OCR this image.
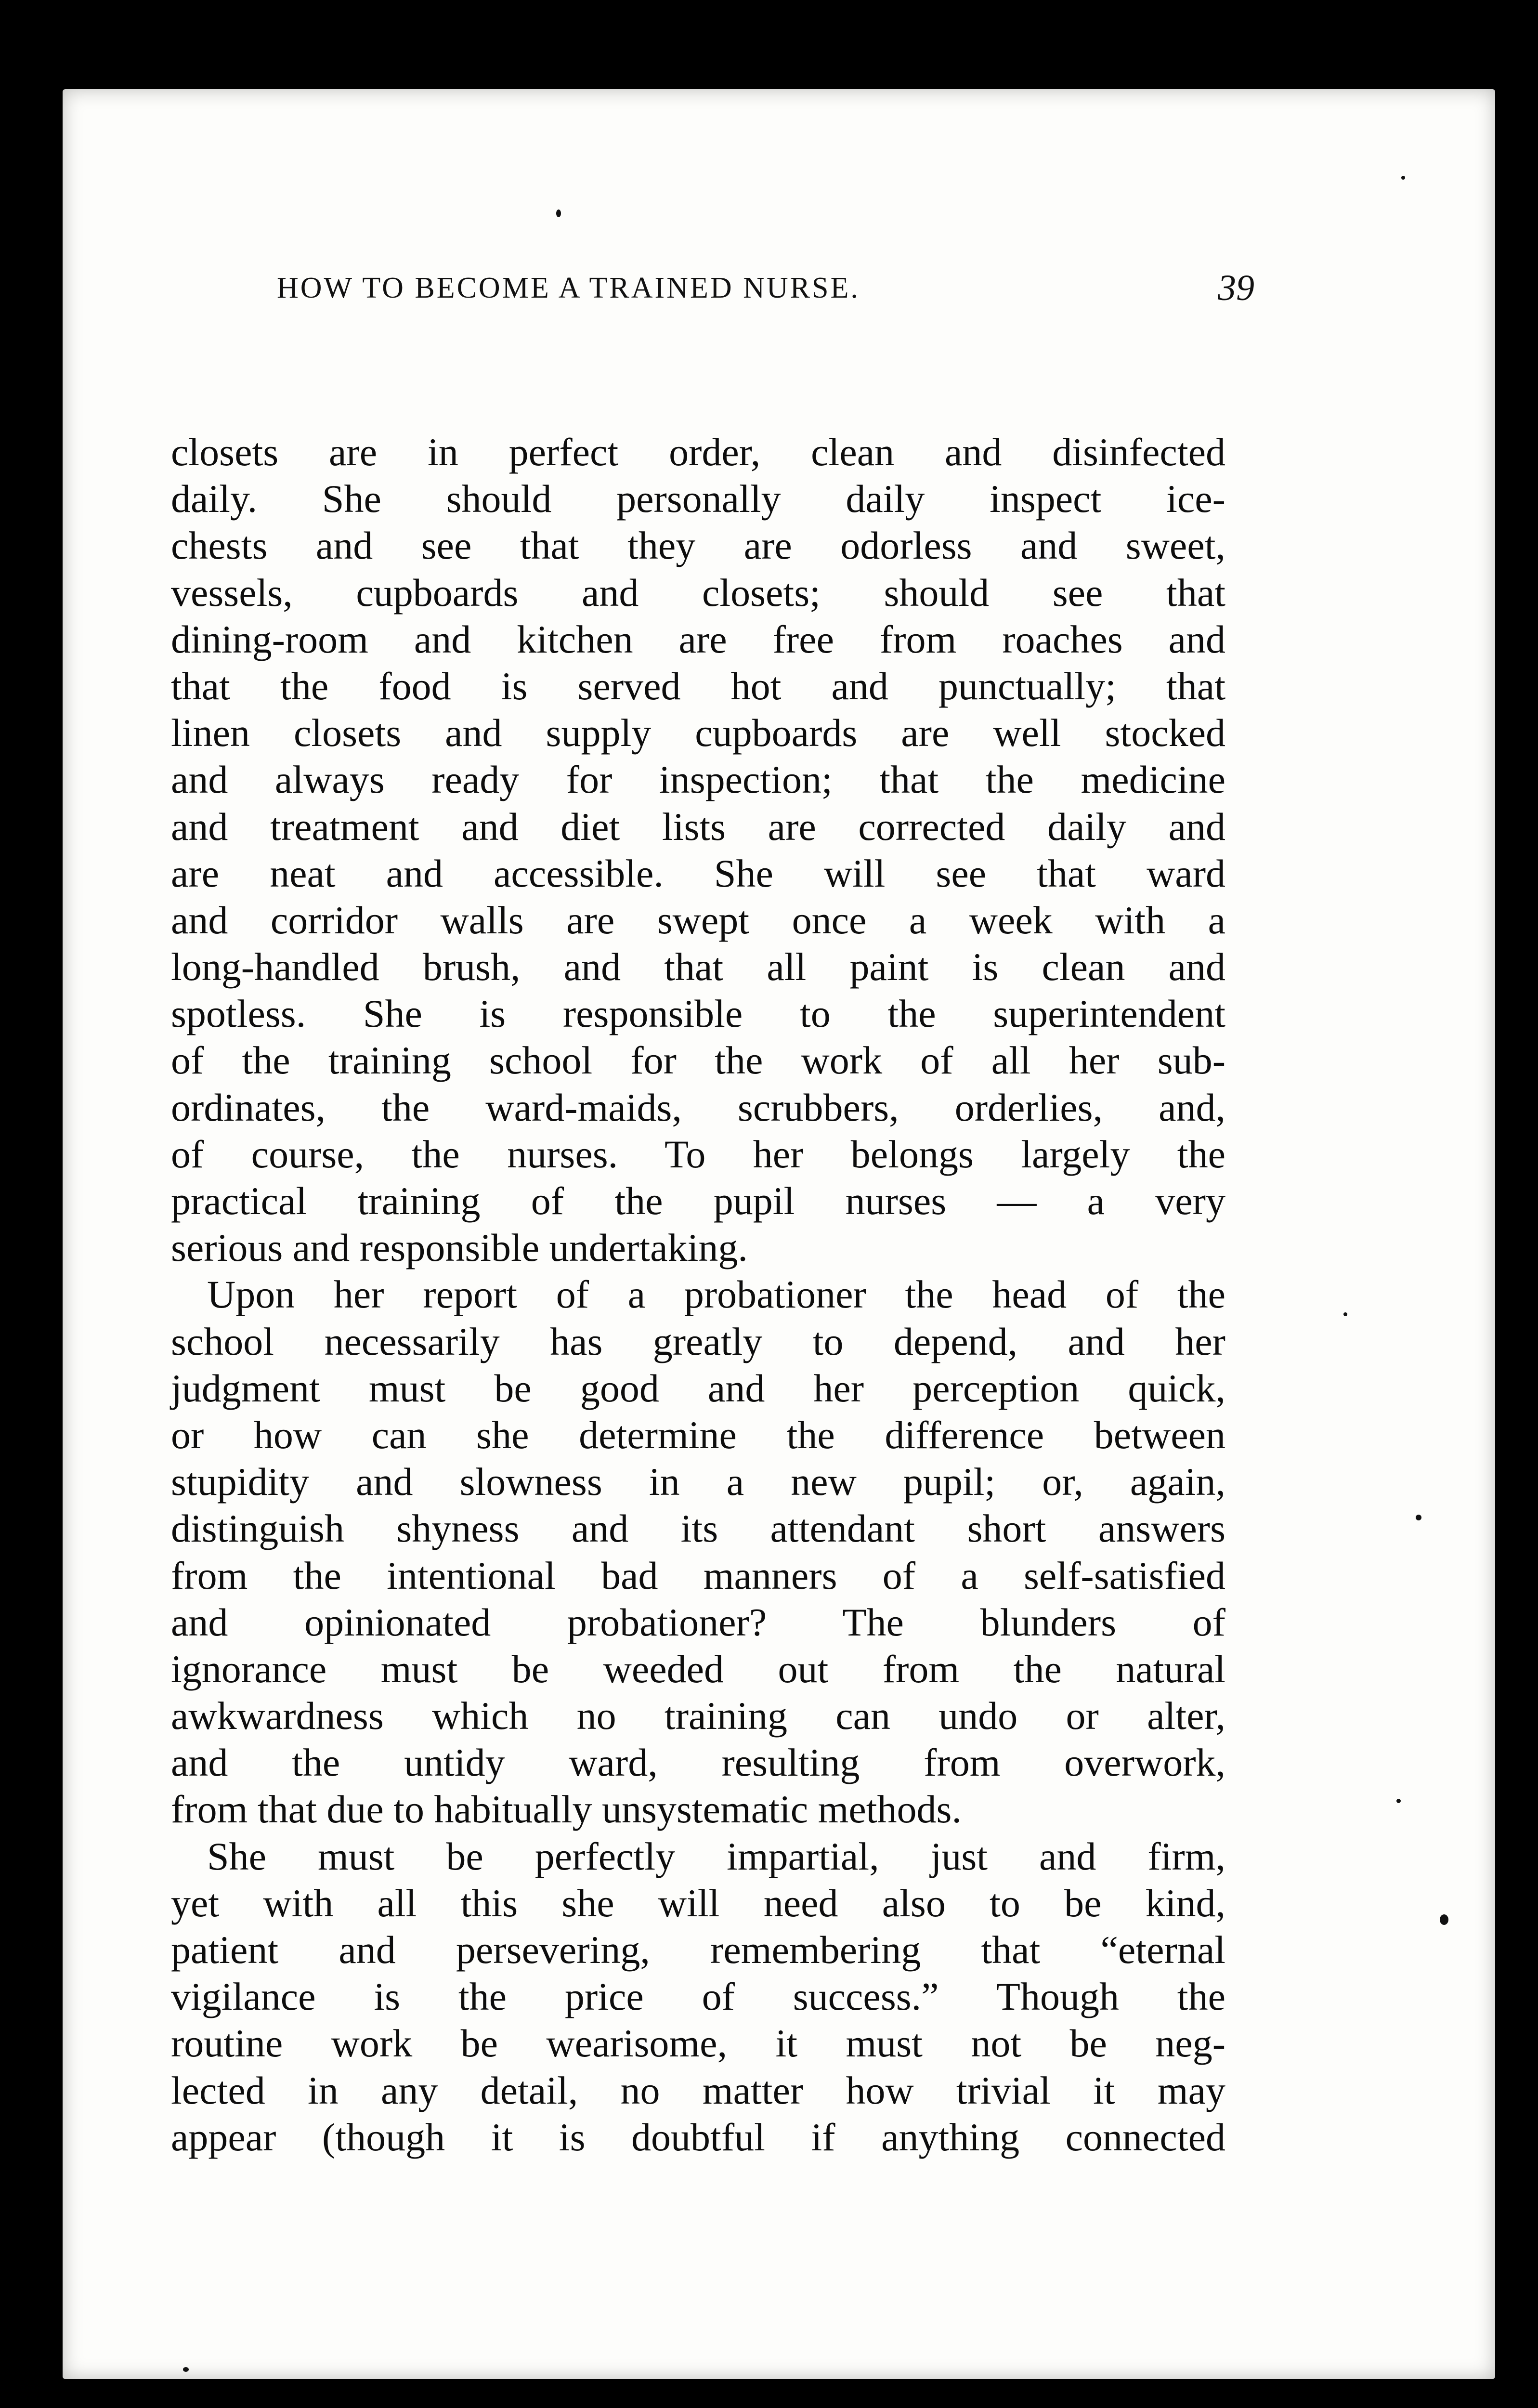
HOW TO BECOME A TRAINED NURSE.	39
closets are in perfect order, clean and disinfected
daily. She should personally daily inspect ice-
chests and see that they are odorless and sweet,
vessels, cupboards and closets; should see that
dining-room and kitchen are free from roaches and
that the food is served hot and punctually; that
linen closets and supply cupboards are well stocked
and always ready for inspection; that the medicine
and treatment and diet lists are corrected daily and
are neat and accessible. She will see that ward
and corridor walls are swept once a week with a
long-handled brush, and that all paint is clean and
spotless. She is responsible to the superintendent
of the training school for the work of all her sub-
ordinates, the ward-maids, scrubbers, orderlies, and,
of course, the nurses. To her belongs largely the
practical training of the pupil nurses — a very
serious and responsible undertaking.
Upon her report of a probationer the head of the
school necessarily has greatly to depend, and her
judgment must be good and her perception quick,
or how can she determine the difference between
stupidity and slowness in a new pupil; or, again,
distinguish shyness and its attendant short answers
from the intentional bad manners of a self-satisfied
and opinionated probationer? The blunders of
ignorance must be weeded out from the natural
awkwardness which no training can undo or alter,
and the untidy ward, resulting from overwork,
from that due to habitually unsystematic methods.
She must be perfectly impartial, just and firm,
yet with all this she will need also to be kind,
patient and persevering, remembering that “eternal
vigilance is the price of success.” Though the
routine work be wearisome, it must not be neg-
lected in any detail, no matter how trivial it may
appear (though it is doubtful if anything connected
